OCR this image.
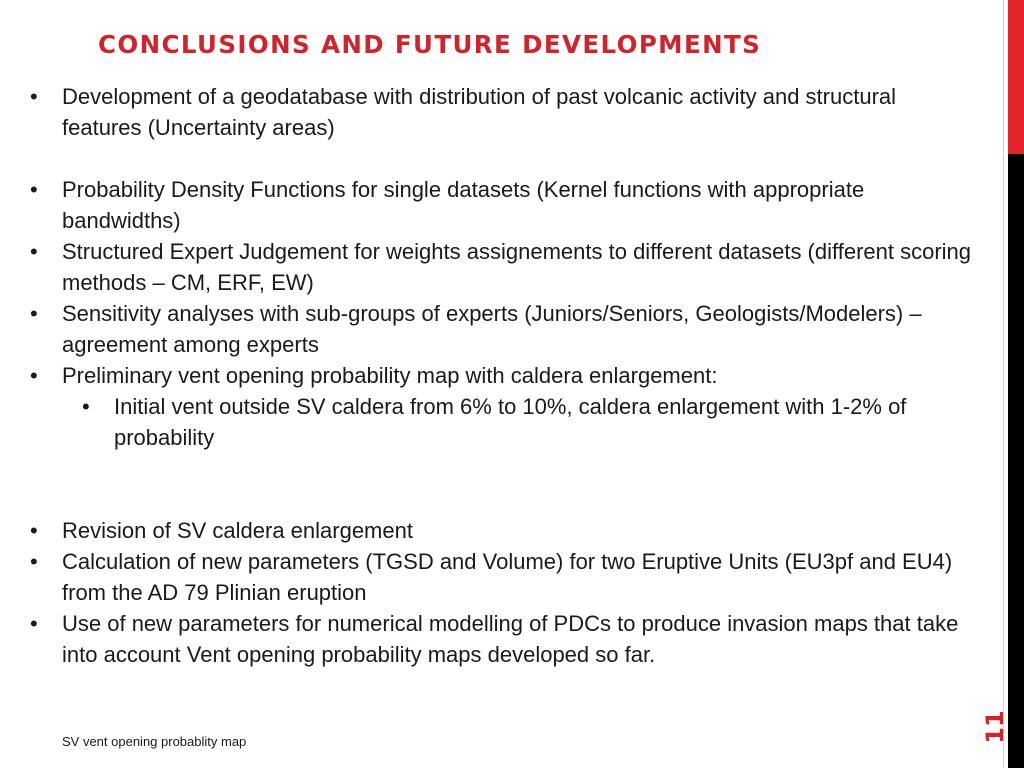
CONCLUSIONS AND FUTURE DEVELOPMENTS
• Development of a geodatabase with distribution of past volcanic activity and structural features (Uncertainty areas)
• Probability Density Functions for single datasets (Kernel functions with appropriate bandwidths)
• Structured Expert Judgement for weights assignements to different datasets (different scoring methods – CM, ERF, EW)
• Sensitivity analyses with sub-groups of experts (Juniors/Seniors, Geologists/Modelers) – agreement among experts
• Preliminary vent opening probability map with caldera enlargement:
• Initial vent outside SV caldera from 6% to 10%, caldera enlargement with 1-2% of probability
• Revision of SV caldera enlargement
• Calculation of new parameters (TGSD and Volume) for two Eruptive Units (EU3pf and EU4) from the AD 79 Plinian eruption
• Use of new parameters for numerical modelling of PDCs to produce invasion maps that take into account Vent opening probability maps developed so far.
SV vent opening probablity map	11
